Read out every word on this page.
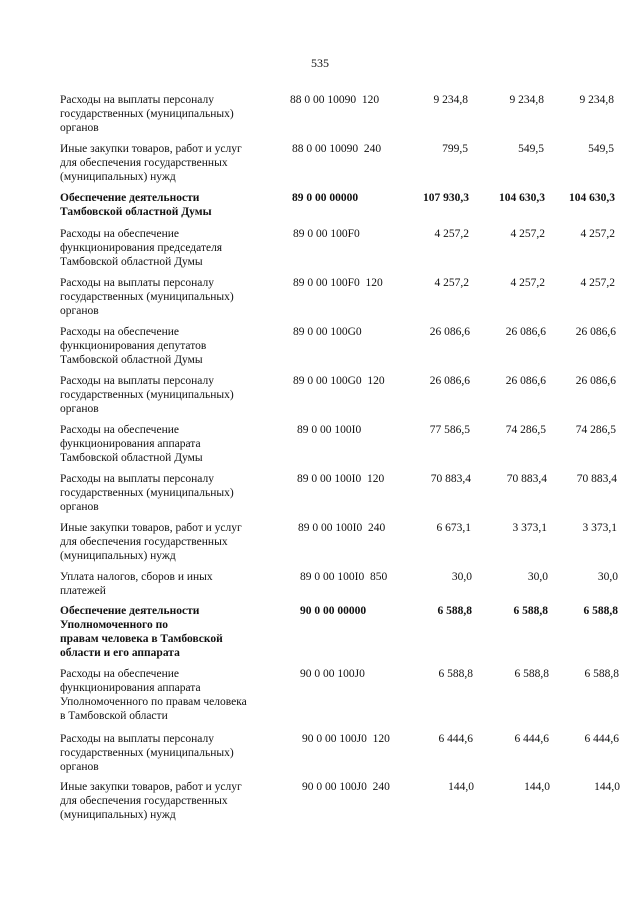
535
Расходы на выплаты персоналу
государственных (муниципальных)
органов
88 0 00 10090  120	9 234,8	9 234,8	9 234,8
Иные закупки товаров, работ и услуг
для обеспечения государственных
(муниципальных) нужд
88 0 00 10090  240	799,5	549,5	549,5
Обеспечение деятельности
Тамбовской областной Думы
89 0 00 00000	107 930,3	104 630,3	104 630,3
Расходы на обеспечение
функционирования председателя
Тамбовской областной Думы
89 0 00 100F0	4 257,2	4 257,2	4 257,2
Расходы на выплаты персоналу
государственных (муниципальных)
органов
89 0 00 100F0  120	4 257,2	4 257,2	4 257,2
Расходы на обеспечение
функционирования депутатов
Тамбовской областной Думы
89 0 00 100G0	26 086,6	26 086,6	26 086,6
Расходы на выплаты персоналу
государственных (муниципальных)
органов
89 0 00 100G0  120	26 086,6	26 086,6	26 086,6
Расходы на обеспечение
функционирования аппарата
Тамбовской областной Думы
89 0 00 100I0	77 586,5	74 286,5	74 286,5
Расходы на выплаты персоналу
государственных (муниципальных)
органов
89 0 00 100I0  120	70 883,4	70 883,4	70 883,4
Иные закупки товаров, работ и услуг
для обеспечения государственных
(муниципальных) нужд
89 0 00 100I0  240	6 673,1	3 373,1	3 373,1
Уплата налогов, сборов и иных
платежей
89 0 00 100I0  850	30,0	30,0	30,0
Обеспечение деятельности
Уполномоченного по
правам человека в Тамбовской
области и его аппарата
90 0 00 00000	6 588,8	6 588,8	6 588,8
Расходы на обеспечение
функционирования аппарата
Уполномоченного по правам человека
в Тамбовской области
90 0 00 100J0	6 588,8	6 588,8	6 588,8
Расходы на выплаты персоналу
государственных (муниципальных)
органов
90 0 00 100J0  120	6 444,6	6 444,6	6 444,6
Иные закупки товаров, работ и услуг
для обеспечения государственных
(муниципальных) нужд
90 0 00 100J0  240	144,0	144,0	144,0
